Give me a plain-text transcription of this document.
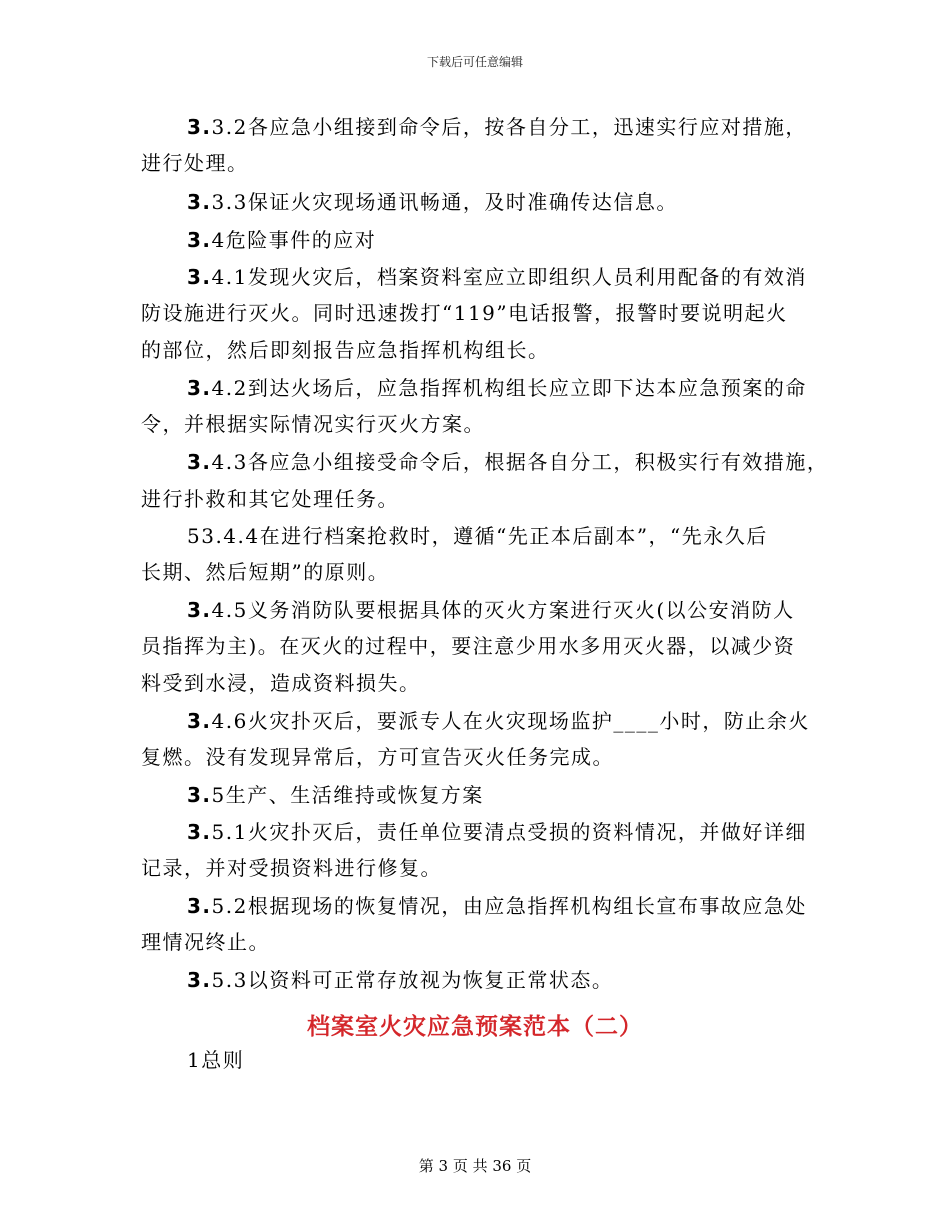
下载后可任意编辑
3.3.2各应急小组接到命令后，按各自分工，迅速实行应对措施，
进行处理。
3.3.3保证火灾现场通讯畅通，及时准确传达信息。
3.4危险事件的应对
3.4.1发现火灾后，档案资料室应立即组织人员利用配备的有效消
防设施进行灭火。同时迅速拨打“119”电话报警，报警时要说明起火
的部位，然后即刻报告应急指挥机构组长。
3.4.2到达火场后，应急指挥机构组长应立即下达本应急预案的命
令，并根据实际情况实行灭火方案。
3.4.3各应急小组接受命令后，根据各自分工，积极实行有效措施，
进行扑救和其它处理任务。
53.4.4在进行档案抢救时，遵循“先正本后副本”，“先永久后
长期、然后短期”的原则。
3.4.5义务消防队要根据具体的灭火方案进行灭火(以公安消防人
员指挥为主)。在灭火的过程中，要注意少用水多用灭火器，以减少资
料受到水浸，造成资料损失。
3.4.6火灾扑灭后，要派专人在火灾现场监护____小时，防止余火
复燃。没有发现异常后，方可宣告灭火任务完成。
3.5生产、生活维持或恢复方案
3.5.1火灾扑灭后，责任单位要清点受损的资料情况，并做好详细
记录，并对受损资料进行修复。
3.5.2根据现场的恢复情况，由应急指挥机构组长宣布事故应急处
理情况终止。
3.5.3以资料可正常存放视为恢复正常状态。
1总则
档案室火灾应急预案范本（二）
第 3 页 共 36 页
